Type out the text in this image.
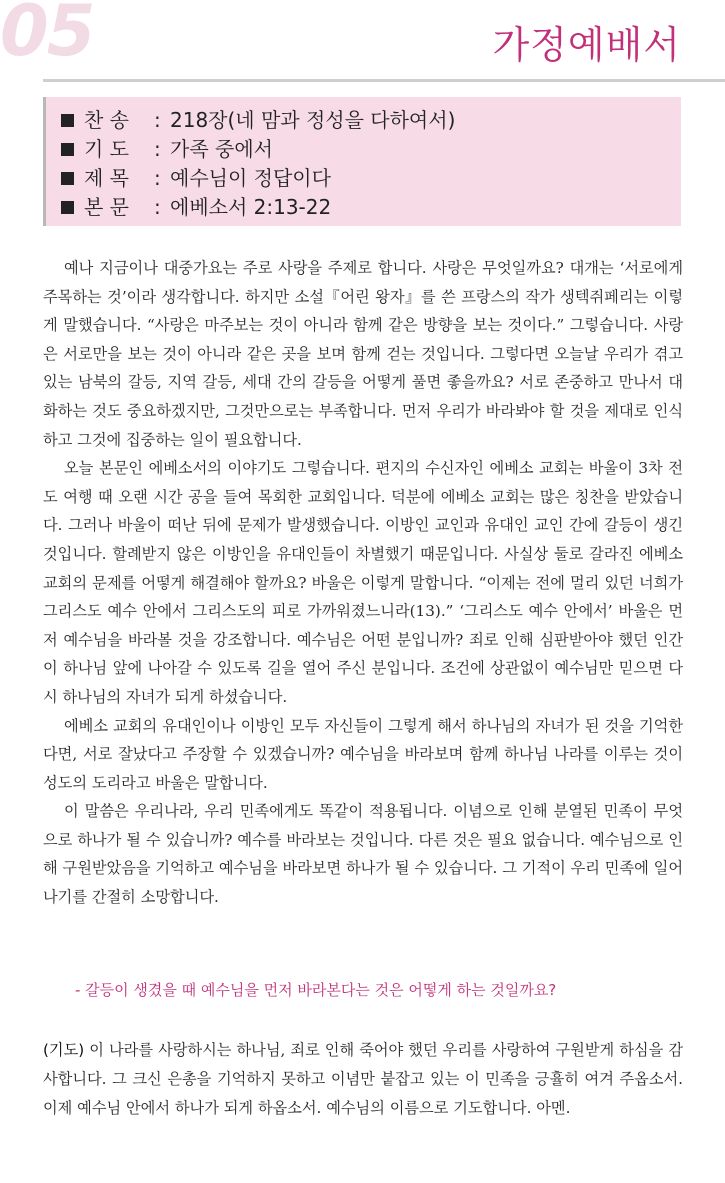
05	가정예배서
찬 송 : 218장(네 맘과 정성을 다하여서)
기 도 : 가족 중에서
제 목 : 예수님이 정답이다
본 문 : 에베소서 2:13-22

예나 지금이나 대중가요는 주로 사랑을 주제로 합니다. 사랑은 무엇일까요? 대개는 ‘서로에게 주목하는 것’이라 생각합니다. 하지만 소설『어린 왕자』를 쓴 프랑스의 작가 생텍쥐페리는 이렇게 말했습니다. “사랑은 마주보는 것이 아니라 함께 같은 방향을 보는 것이다.” 그렇습니다. 사랑은 서로만을 보는 것이 아니라 같은 곳을 보며 함께 걷는 것입니다. 그렇다면 오늘날 우리가 겪고 있는 남북의 갈등, 지역 갈등, 세대 간의 갈등을 어떻게 풀면 좋을까요? 서로 존중하고 만나서 대화하는 것도 중요하겠지만, 그것만으로는 부족합니다. 먼저 우리가 바라봐야 할 것을 제대로 인식하고 그것에 집중하는 일이 필요합니다.

오늘 본문인 에베소서의 이야기도 그렇습니다. 편지의 수신자인 에베소 교회는 바울이 3차 전도 여행 때 오랜 시간 공을 들여 목회한 교회입니다. 덕분에 에베소 교회는 많은 칭찬을 받았습니다. 그러나 바울이 떠난 뒤에 문제가 발생했습니다. 이방인 교인과 유대인 교인 간에 갈등이 생긴 것입니다. 할례받지 않은 이방인을 유대인들이 차별했기 때문입니다. 사실상 둘로 갈라진 에베소 교회의 문제를 어떻게 해결해야 할까요? 바울은 이렇게 말합니다. “이제는 전에 멀리 있던 너희가 그리스도 예수 안에서 그리스도의 피로 가까워졌느니라(13).” ‘그리스도 예수 안에서’ 바울은 먼저 예수님을 바라볼 것을 강조합니다. 예수님은 어떤 분입니까? 죄로 인해 심판받아야 했던 인간이 하나님 앞에 나아갈 수 있도록 길을 열어 주신 분입니다. 조건에 상관없이 예수님만 믿으면 다시 하나님의 자녀가 되게 하셨습니다.

에베소 교회의 유대인이나 이방인 모두 자신들이 그렇게 해서 하나님의 자녀가 된 것을 기억한다면, 서로 잘났다고 주장할 수 있겠습니까? 예수님을 바라보며 함께 하나님 나라를 이루는 것이 성도의 도리라고 바울은 말합니다.

이 말씀은 우리나라, 우리 민족에게도 똑같이 적용됩니다. 이념으로 인해 분열된 민족이 무엇으로 하나가 될 수 있습니까? 예수를 바라보는 것입니다. 다른 것은 필요 없습니다. 예수님으로 인해 구원받았음을 기억하고 예수님을 바라보면 하나가 될 수 있습니다. 그 기적이 우리 민족에 일어나기를 간절히 소망합니다.

- 갈등이 생겼을 때 예수님을 먼저 바라본다는 것은 어떻게 하는 것일까요?
(기도) 이 나라를 사랑하시는 하나님, 죄로 인해 죽어야 했던 우리를 사랑하여 구원받게 하심을 감사합니다. 그 크신 은총을 기억하지 못하고 이념만 붙잡고 있는 이 민족을 긍휼히 여겨 주옵소서. 이제 예수님 안에서 하나가 되게 하옵소서. 예수님의 이름으로 기도합니다. 아멘.
